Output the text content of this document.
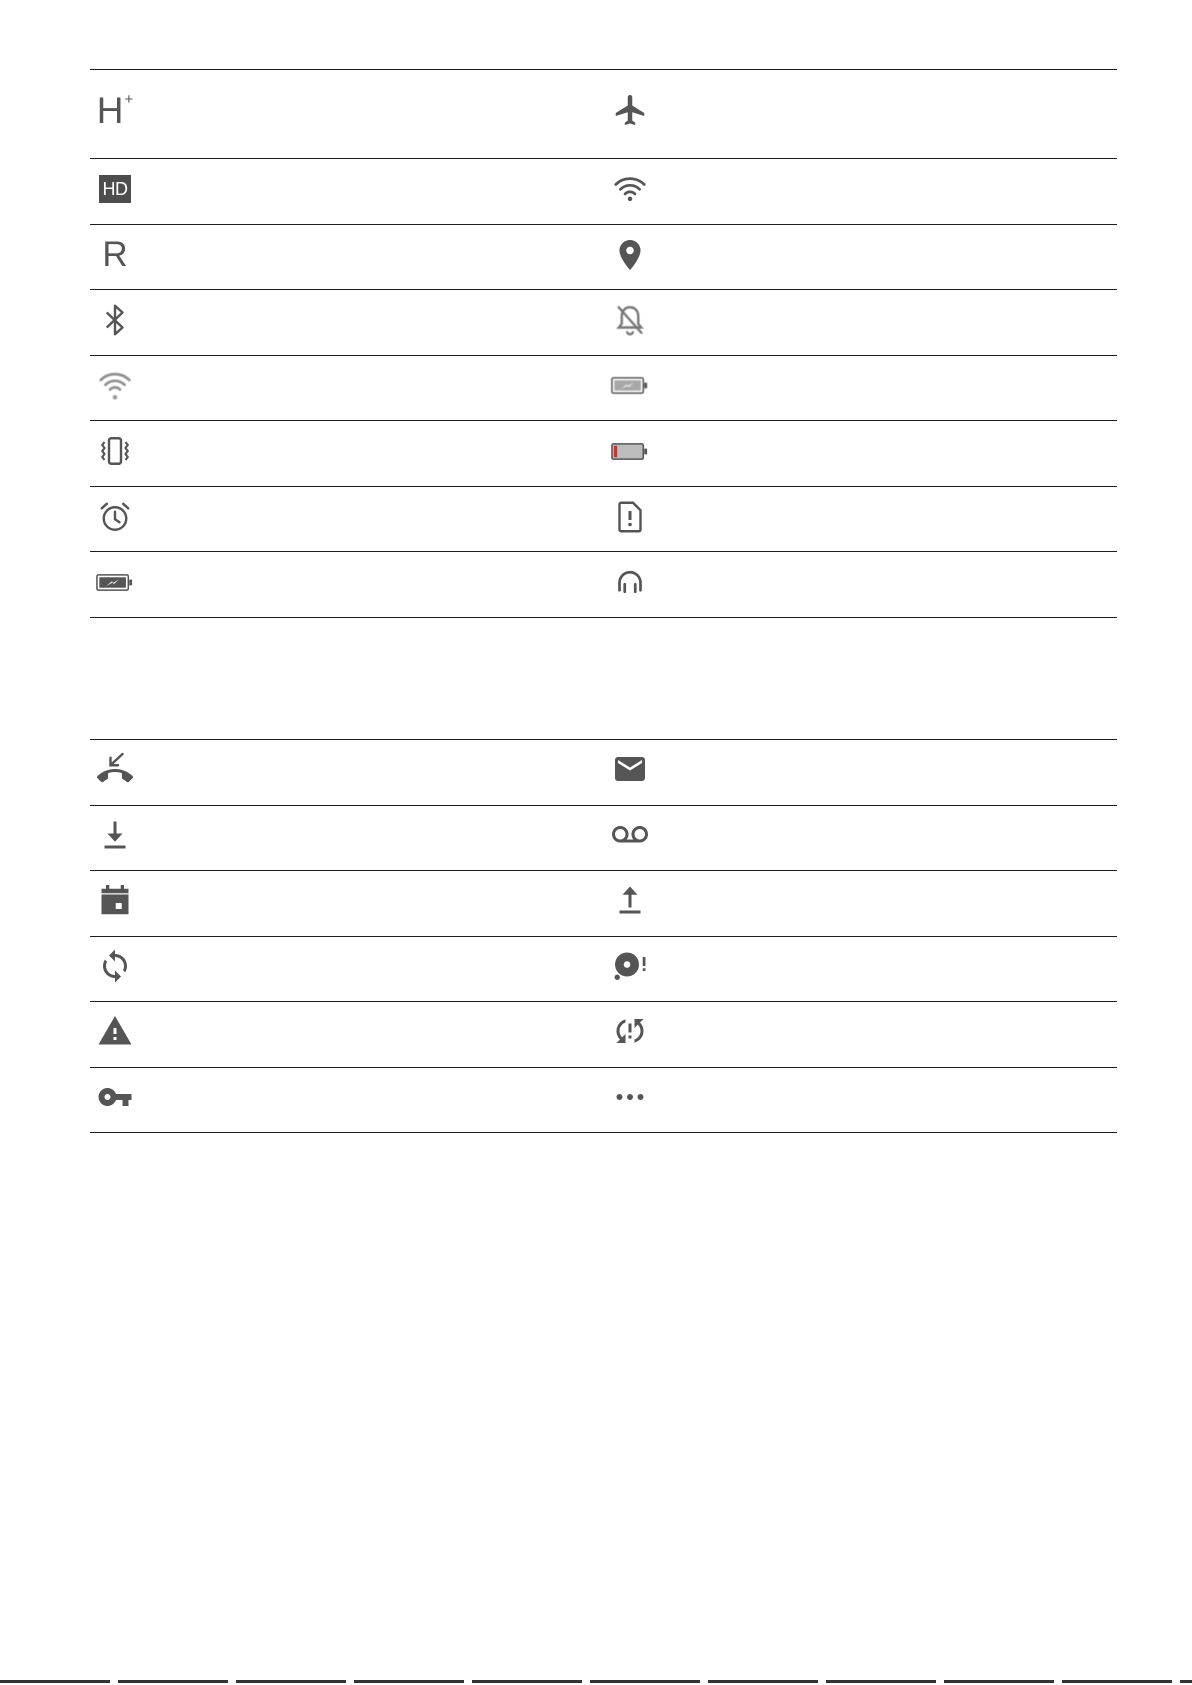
H +
HD
R
